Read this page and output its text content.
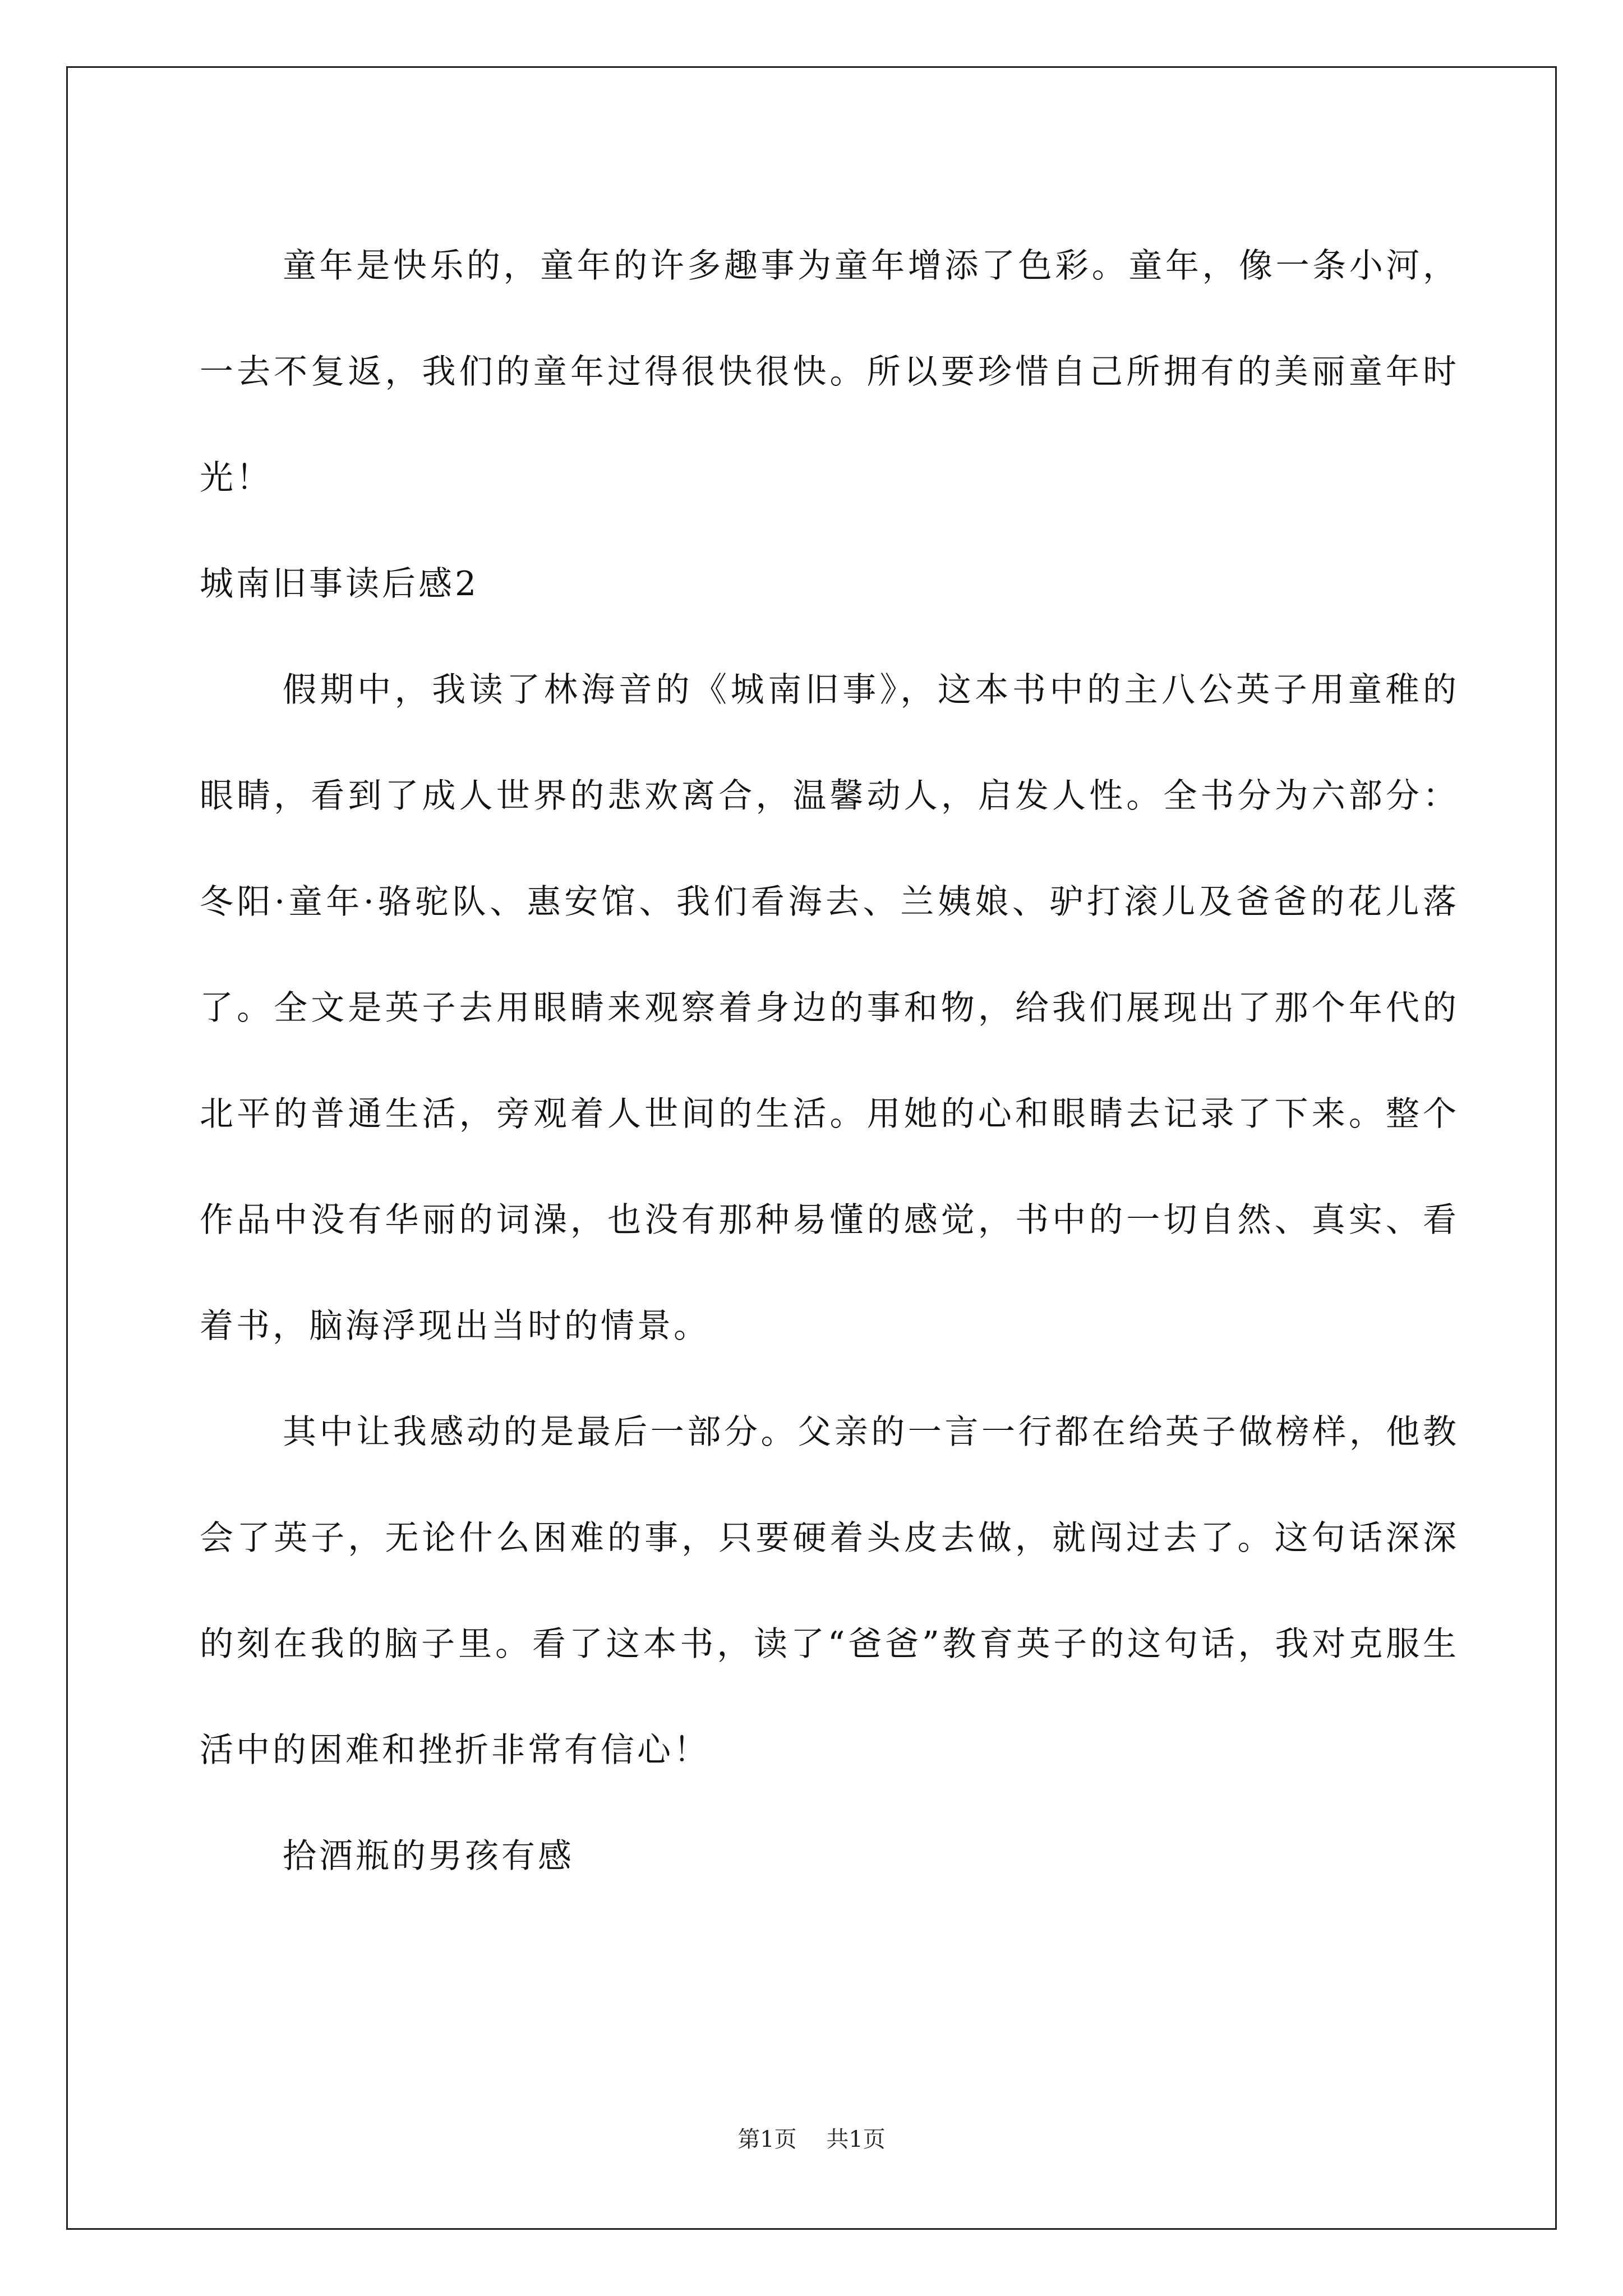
童年是快乐的，童年的许多趣事为童年增添了色彩。童年，像一条小河，一去不复返，我们的童年过得很快很快。所以要珍惜自己所拥有的美丽童年时光！

城南旧事读后感2

假期中，我读了林海音的《城南旧事》，这本书中的主八公英子用童稚的眼睛，看到了成人世界的悲欢离合，温馨动人，启发人性。全书分为六部分：冬阳·童年·骆驼队、惠安馆、我们看海去、兰姨娘、驴打滚儿及爸爸的花儿落了。全文是英子去用眼睛来观察着身边的事和物，给我们展现出了那个年代的北平的普通生活，旁观着人世间的生活。用她的心和眼睛去记录了下来。整个作品中没有华丽的词澡，也没有那种易懂的感觉，书中的一切自然、真实、看着书，脑海浮现出当时的情景。

其中让我感动的是最后一部分。父亲的一言一行都在给英子做榜样，他教会了英子，无论什么困难的事，只要硬着头皮去做，就闯过去了。这句话深深的刻在我的脑子里。看了这本书，读了“爸爸”教育英子的这句话，我对克服生活中的困难和挫折非常有信心！

拾酒瓶的男孩有感

第1页 共1页
